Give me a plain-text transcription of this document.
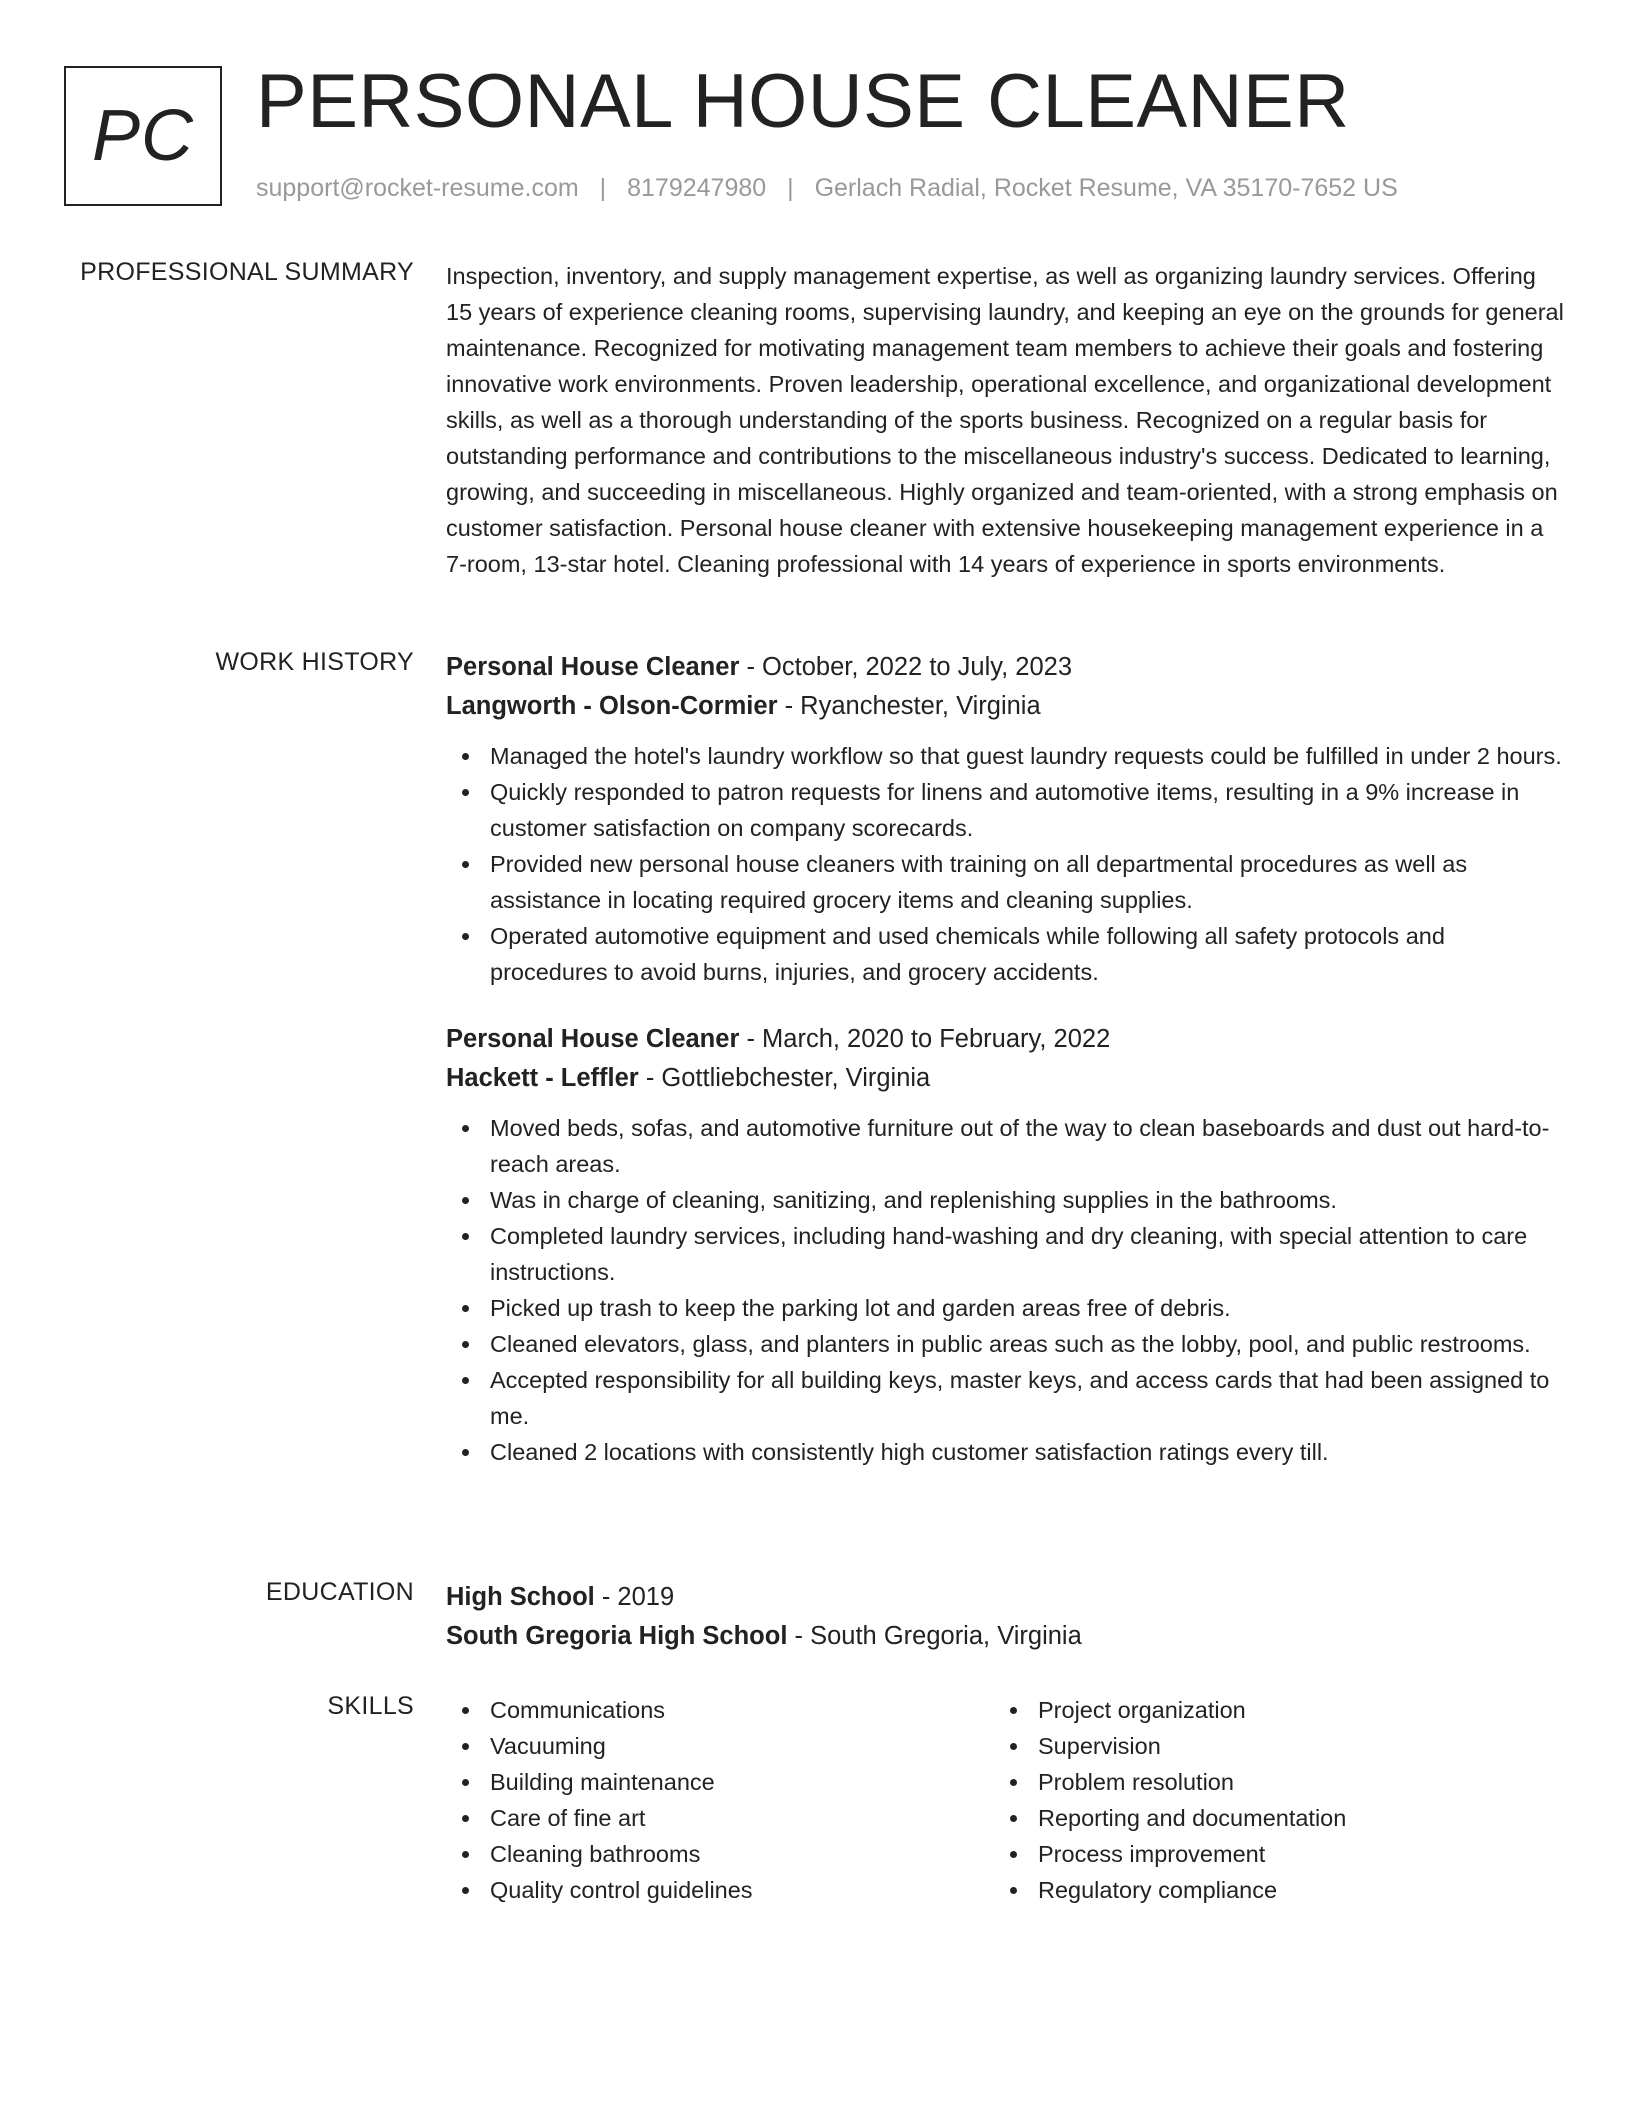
PC PERSONAL HOUSE CLEANER
support@rocket-resume.com | 8179247980 | Gerlach Radial, Rocket Resume, VA 35170-7652 US
PROFESSIONAL SUMMARY Inspection, inventory, and supply management expertise, as well as organizing laundry services. Offering 15 years of experience cleaning rooms, supervising laundry, and keeping an eye on the grounds for general maintenance. Recognized for motivating management team members to achieve their goals and fostering innovative work environments. Proven leadership, operational excellence, and organizational development skills, as well as a thorough understanding of the sports business. Recognized on a regular basis for outstanding performance and contributions to the miscellaneous industry's success. Dedicated to learning, growing, and succeeding in miscellaneous. Highly organized and team-oriented, with a strong emphasis on customer satisfaction. Personal house cleaner with extensive housekeeping management experience in a 7-room, 13-star hotel. Cleaning professional with 14 years of experience in sports environments.

WORK HISTORY Personal House Cleaner - October, 2022 to July, 2023
Langworth - Olson-Cormier - Ryanchester, Virginia
Managed the hotel's laundry workflow so that guest laundry requests could be fulfilled in under 2 hours.
Quickly responded to patron requests for linens and automotive items, resulting in a 9% increase in customer satisfaction on company scorecards.
Provided new personal house cleaners with training on all departmental procedures as well as assistance in locating required grocery items and cleaning supplies.
Operated automotive equipment and used chemicals while following all safety protocols and procedures to avoid burns, injuries, and grocery accidents.
Personal House Cleaner - March, 2020 to February, 2022
Hackett - Leffler - Gottliebchester, Virginia
Moved beds, sofas, and automotive furniture out of the way to clean baseboards and dust out hard-to-reach areas.
Was in charge of cleaning, sanitizing, and replenishing supplies in the bathrooms.
Completed laundry services, including hand-washing and dry cleaning, with special attention to care instructions.
Picked up trash to keep the parking lot and garden areas free of debris.
Cleaned elevators, glass, and planters in public areas such as the lobby, pool, and public restrooms.
Accepted responsibility for all building keys, master keys, and access cards that had been assigned to me.
Cleaned 2 locations with consistently high customer satisfaction ratings every till.
EDUCATION High School - 2019
South Gregoria High School - South Gregoria, Virginia
SKILLS	Communications
Vacuuming
Building maintenance
Care of fine art
Cleaning bathrooms
Quality control guidelines
Project organization
Supervision
Problem resolution
Reporting and documentation
Process improvement
Regulatory compliance
